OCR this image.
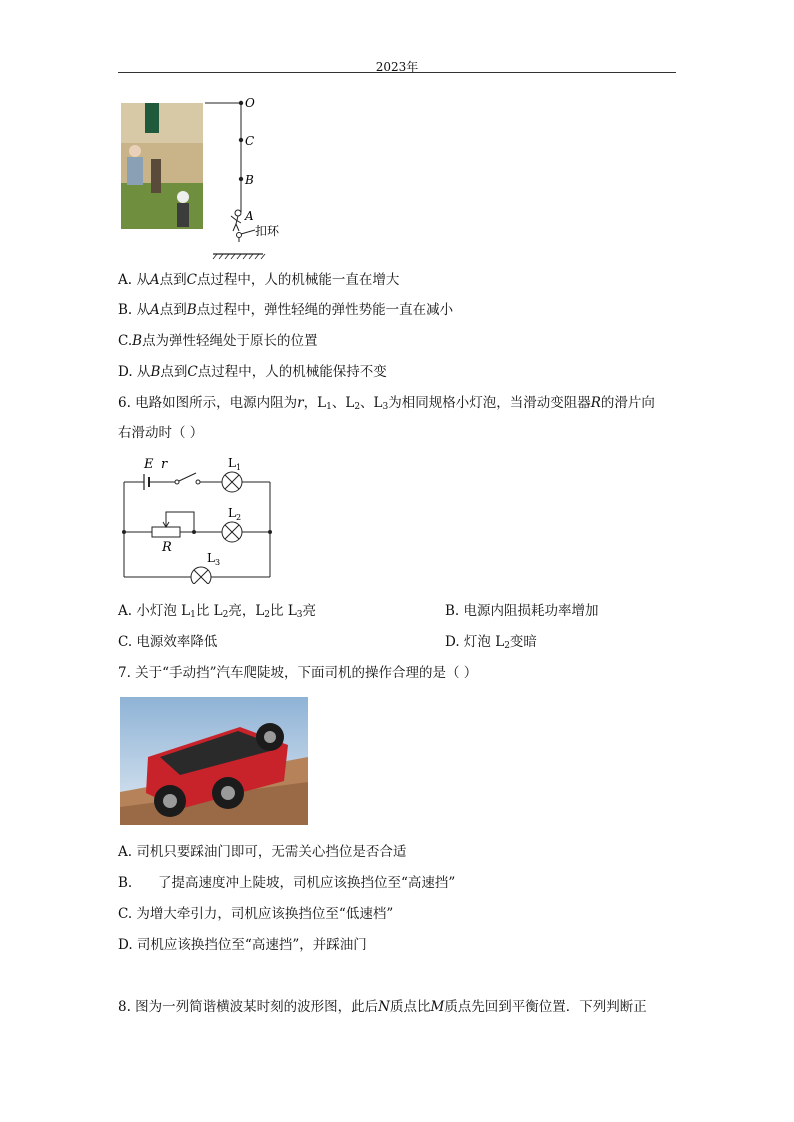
2023年
O
C
B
A
扣环
A. 从A点到C点过程中，人的机械能一直在增大
B. 从A点到B点过程中，弹性轻绳的弹性势能一直在减小
C.B点为弹性轻绳处于原长的位置
D. 从B点到C点过程中，人的机械能保持不变
6. 电路如图所示，电源内阻为r，$L_1$、$L_2$、$L_3$为相同规格小灯泡，当滑动变阻器R的滑片向
右滑动时（ ）
E r	L 1
L 2
R
L 3
A. 小灯泡 $L_1$比 $L_2$亮，$L_2$比 $L_3$亮	B. 电源内阻损耗功率增加
C. 电源效率降低	D. 灯泡 $L_2$变暗
7. 关于“手动挡”汽车爬陡坡，下面司机的操作合理的是（ ）
A. 司机只要踩油门即可，无需关心挡位是否合适
B.      了提高速度冲上陡坡，司机应该换挡位至“高速挡”
C. 为增大牵引力，司机应该换挡位至“低速档”
D. 司机应该换挡位至“高速挡”，并踩油门
8. 图为一列简谐横波某时刻的波形图，此后N质点比M质点先回到平衡位置．下列判断正
